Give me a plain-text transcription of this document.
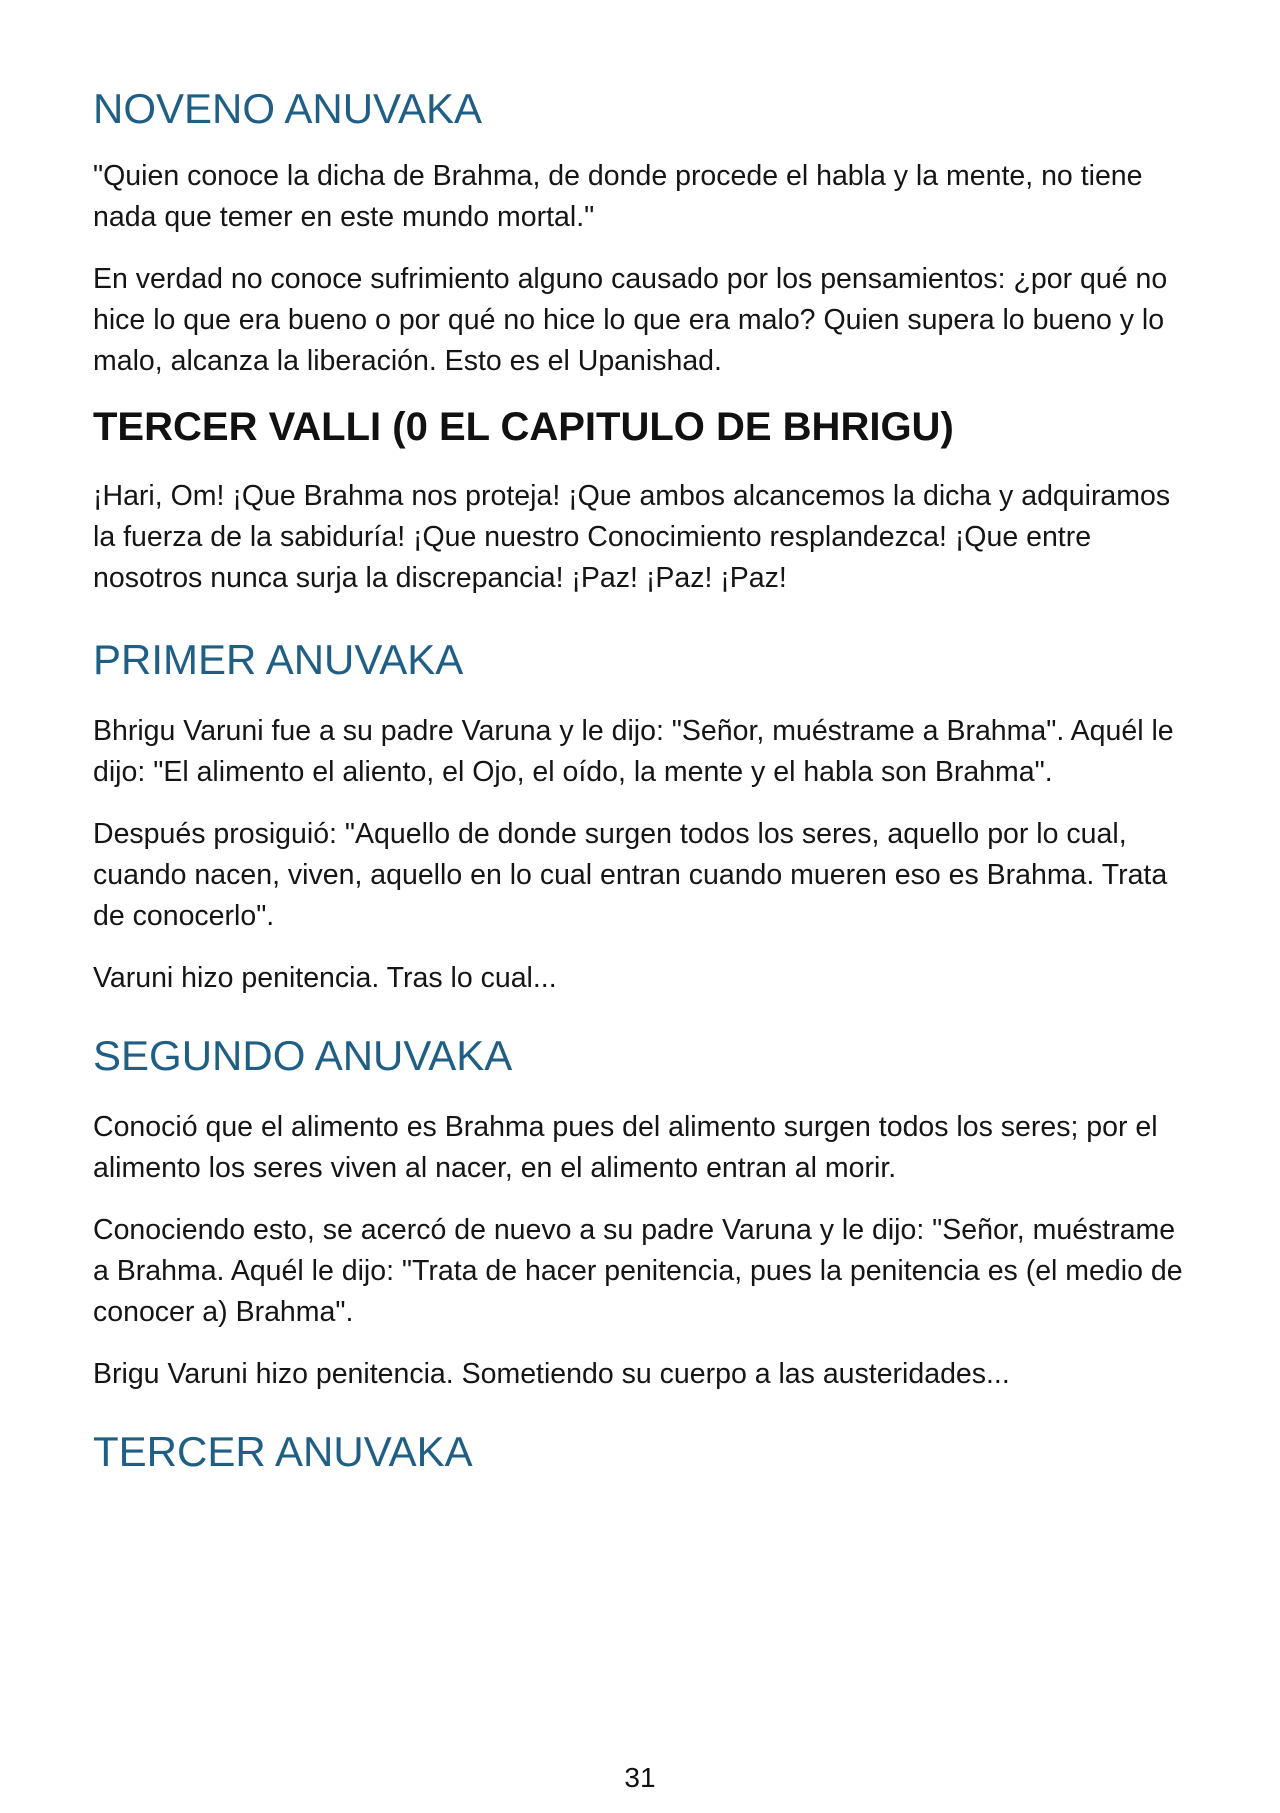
NOVENO ANUVAKA

"Quien conoce la dicha de Brahma, de donde procede el habla y la mente, no tiene nada que temer en este mundo mortal."

En verdad no conoce sufrimiento alguno causado por los pensamientos: ¿por qué no hice lo que era bueno o por qué no hice lo que era malo? Quien supera lo bueno y lo malo, alcanza la liberación. Esto es el Upanishad.

TERCER VALLI (0 EL CAPITULO DE BHRIGU)

¡Hari, Om! ¡Que Brahma nos proteja! ¡Que ambos alcancemos la dicha y adquiramos la fuerza de la sabiduría! ¡Que nuestro Conocimiento resplandezca! ¡Que entre nosotros nunca surja la discrepancia! ¡Paz! ¡Paz! ¡Paz!

PRIMER ANUVAKA

Bhrigu Varuni fue a su padre Varuna y le dijo: "Señor, muéstrame a Brahma". Aquél le dijo: "El alimento el aliento, el Ojo, el oído, la mente y el habla son Brahma".

Después prosiguió: "Aquello de donde surgen todos los seres, aquello por lo cual, cuando nacen, viven, aquello en lo cual entran cuando mueren eso es Brahma. Trata de conocerlo".

Varuni hizo penitencia. Tras lo cual...

SEGUNDO ANUVAKA

Conoció que el alimento es Brahma pues del alimento surgen todos los seres; por el alimento los seres viven al nacer, en el alimento entran al morir.

Conociendo esto, se acercó de nuevo a su padre Varuna y le dijo: "Señor, muéstrame a Brahma. Aquél le dijo: "Trata de hacer penitencia, pues la penitencia es (el medio de conocer a) Brahma".

Brigu Varuni hizo penitencia. Sometiendo su cuerpo a las austeridades...

TERCER ANUVAKA
31
